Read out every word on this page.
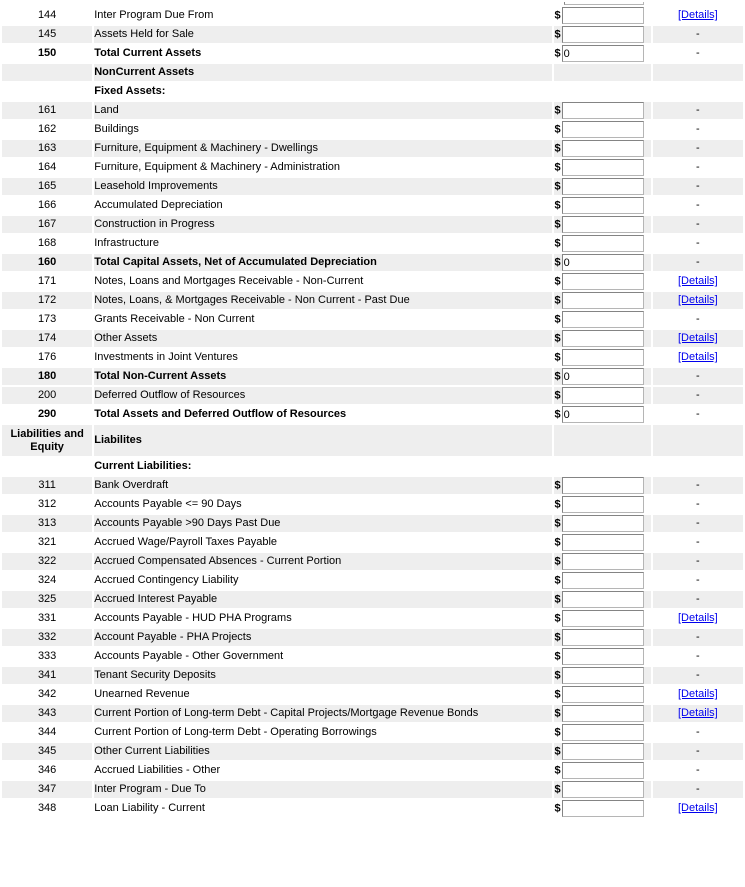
144	Inter Program Due From	$	[Details]
145	Assets Held for Sale	$	-
150	Total Current Assets	$0	-
	NonCurrent Assets		
	Fixed Assets:		
161	Land	$	-
162	Buildings	$	-
163	Furniture, Equipment & Machinery - Dwellings	$	-
164	Furniture, Equipment & Machinery - Administration	$	-
165	Leasehold Improvements	$	-
166	Accumulated Depreciation	$	-
167	Construction in Progress	$	-
168	Infrastructure	$	-
160	Total Capital Assets, Net of Accumulated Depreciation	$0	-
171	Notes, Loans and Mortgages Receivable - Non-Current	$	[Details]
172	Notes, Loans, & Mortgages Receivable - Non Current - Past Due	$	[Details]
173	Grants Receivable - Non Current	$	-
174	Other Assets	$	[Details]
176	Investments in Joint Ventures	$	[Details]
180	Total Non-Current Assets	$0	-
200	Deferred Outflow of Resources	$	-
290	Total Assets and Deferred Outflow of Resources	$0	-
Liabilities and Equity	Liabilites		
	Current Liabilities:		
311	Bank Overdraft	$	-
312	Accounts Payable <= 90 Days	$	-
313	Accounts Payable >90 Days Past Due	$	-
321	Accrued Wage/Payroll Taxes Payable	$	-
322	Accrued Compensated Absences - Current Portion	$	-
324	Accrued Contingency Liability	$	-
325	Accrued Interest Payable	$	-
331	Accounts Payable - HUD PHA Programs	$	[Details]
332	Account Payable - PHA Projects	$	-
333	Accounts Payable - Other Government	$	-
341	Tenant Security Deposits	$	-
342	Unearned Revenue	$	[Details]
343	Current Portion of Long-term Debt - Capital Projects/Mortgage Revenue Bonds	$	[Details]
344	Current Portion of Long-term Debt - Operating Borrowings	$	-
345	Other Current Liabilities	$	-
346	Accrued Liabilities - Other	$	-
347	Inter Program - Due To	$	-
348	Loan Liability - Current	$	[Details]
